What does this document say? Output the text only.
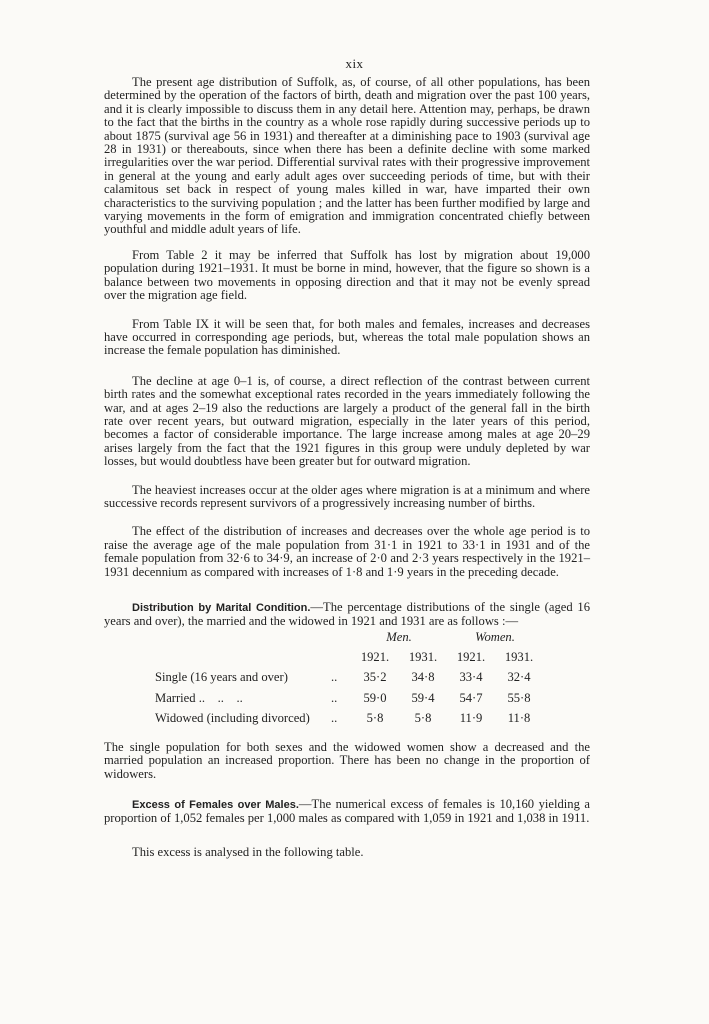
xix

The present age distribution of Suffolk, as, of course, of all other populations, has been determined by the operation of the factors of birth, death and migration over the past 100 years, and it is clearly impossible to discuss them in any detail here. Attention may, perhaps, be drawn to the fact that the births in the country as a whole rose rapidly during successive periods up to about 1875 (survival age 56 in 1931) and thereafter at a diminishing pace to 1903 (survival age 28 in 1931) or thereabouts, since when there has been a definite decline with some marked irregularities over the war period. Differential survival rates with their progressive improvement in general at the young and early adult ages over succeeding periods of time, but with their calamitous set back in respect of young males killed in war, have imparted their own characteristics to the surviving population ; and the latter has been further modified by large and varying movements in the form of emigration and immigration concentrated chiefly between youthful and middle adult years of life.

From Table 2 it may be inferred that Suffolk has lost by migration about 19,000 population during 1921–1931. It must be borne in mind, however, that the figure so shown is a balance between two movements in opposing direction and that it may not be evenly spread over the migration age field.

From Table IX it will be seen that, for both males and females, increases and decreases have occurred in corresponding age periods, but, whereas the total male population shows an increase the female population has diminished.

The decline at age 0–1 is, of course, a direct reflection of the contrast between current birth rates and the somewhat exceptional rates recorded in the years immediately following the war, and at ages 2–19 also the reductions are largely a product of the general fall in the birth rate over recent years, but outward migration, especially in the later years of this period, becomes a factor of considerable importance. The large increase among males at age 20–29 arises largely from the fact that the 1921 figures in this group were unduly depleted by war losses, but would doubtless have been greater but for outward migration.

The heaviest increases occur at the older ages where migration is at a minimum and where successive records represent survivors of a progressively increasing number of births.

The effect of the distribution of increases and decreases over the whole age period is to raise the average age of the male population from 31·1 in 1921 to 33·1 in 1931 and of the female population from 32·6 to 34·9, an increase of 2·0 and 2·3 years respectively in the 1921–1931 decennium as compared with increases of 1·8 and 1·9 years in the preceding decade.

Distribution by Marital Condition.—The percentage distributions of the single (aged 16 years and over), the married and the widowed in 1921 and 1931 are as follows :—

		Men.		Women.	
		1921.	1931.	1921.	1931.
Single (16 years and over)	..	35·2	34·8	33·4	32·4
Married ..    ..    ..	..	59·0	59·4	54·7	55·8
Widowed (including divorced)	..	5·8	5·8	11·9	11·8

The single population for both sexes and the widowed women show a decreased and the married population an increased proportion. There has been no change in the proportion of widowers.

Excess of Females over Males.—The numerical excess of females is 10,160 yielding a proportion of 1,052 females per 1,000 males as compared with 1,059 in 1921 and 1,038 in 1911.

This excess is analysed in the following table.
